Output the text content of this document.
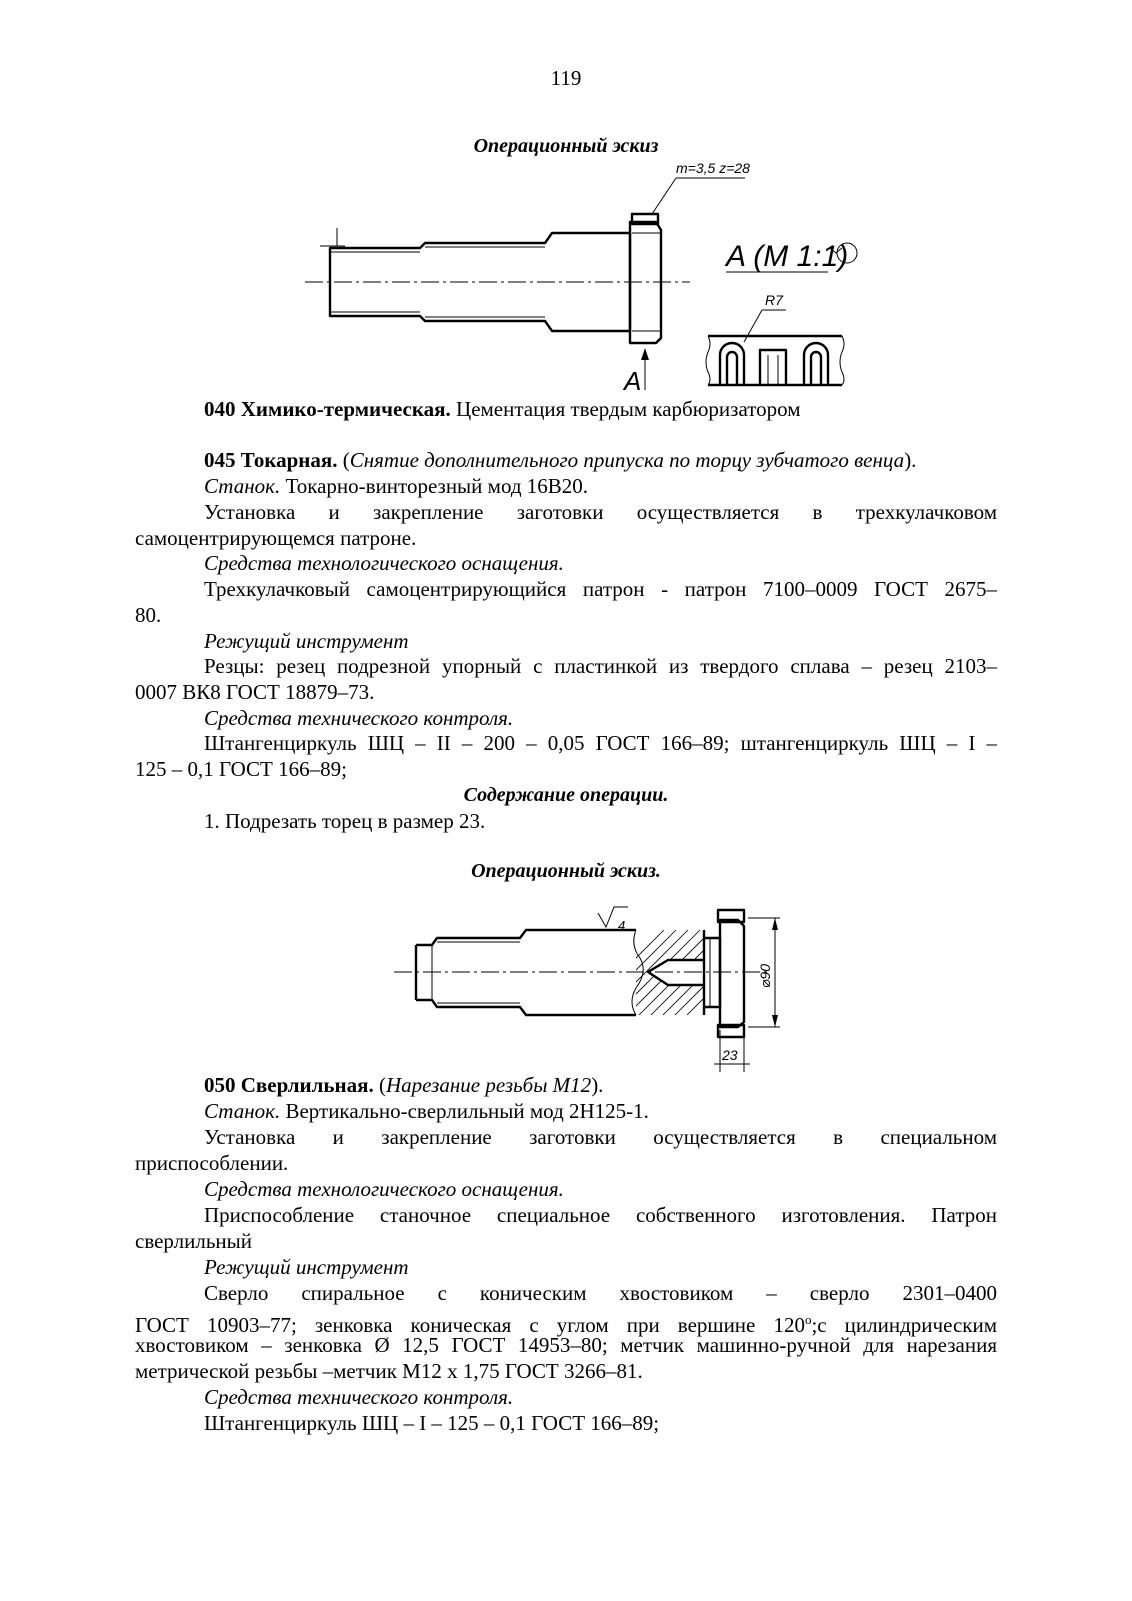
119
Операционный эскиз
m=3,5 z=28
A
A (M 1:1)
R7
040 Химико-термическая. Цементация твердым карбюризатором
045 Токарная. (Снятие дополнительного припуска по торцу зубчатого венца).
Станок. Токарно-винторезный мод 16В20.
Установка и закрепление заготовки осуществляется в трехкулачковом
самоцентрирующемся патроне.
Средства технологического оснащения.
Трехкулачковый самоцентрирующийся патрон - патрон 7100–0009 ГОСТ 2675–
80.
Режущий инструмент
Резцы: резец подрезной упорный с пластинкой из твердого сплава – резец 2103–
0007 ВК8 ГОСТ 18879–73.
Средства технического контроля.
Штангенциркуль ШЦ – II – 200 – 0,05 ГОСТ 166–89; штангенциркуль ШЦ – I –
125 – 0,1 ГОСТ 166–89;
Содержание операции.
1. Подрезать торец в размер 23.
Операционный эскиз.
4
⌀90
23
050 Сверлильная. (Нарезание резьбы М12).
Станок. Вертикально-сверлильный мод 2Н125-1.
Установка и закрепление заготовки осуществляется в специальном
приспособлении.
Средства технологического оснащения.
Приспособление станочное специальное собственного изготовления. Патрон
сверлильный
Режущий инструмент
Сверло спиральное с коническим хвостовиком – сверло 2301–0400
ГОСТ 10903–77; зенковка коническая с углом при вершине $120^о;с$ цилиндрическим
хвостовиком – зенковка Ø 12,5 ГОСТ 14953–80; метчик машинно-ручной для нарезания
метрической резьбы –метчик М12 х 1,75 ГОСТ 3266–81.
Средства технического контроля.
Штангенциркуль ШЦ – I – 125 – 0,1 ГОСТ 166–89;
